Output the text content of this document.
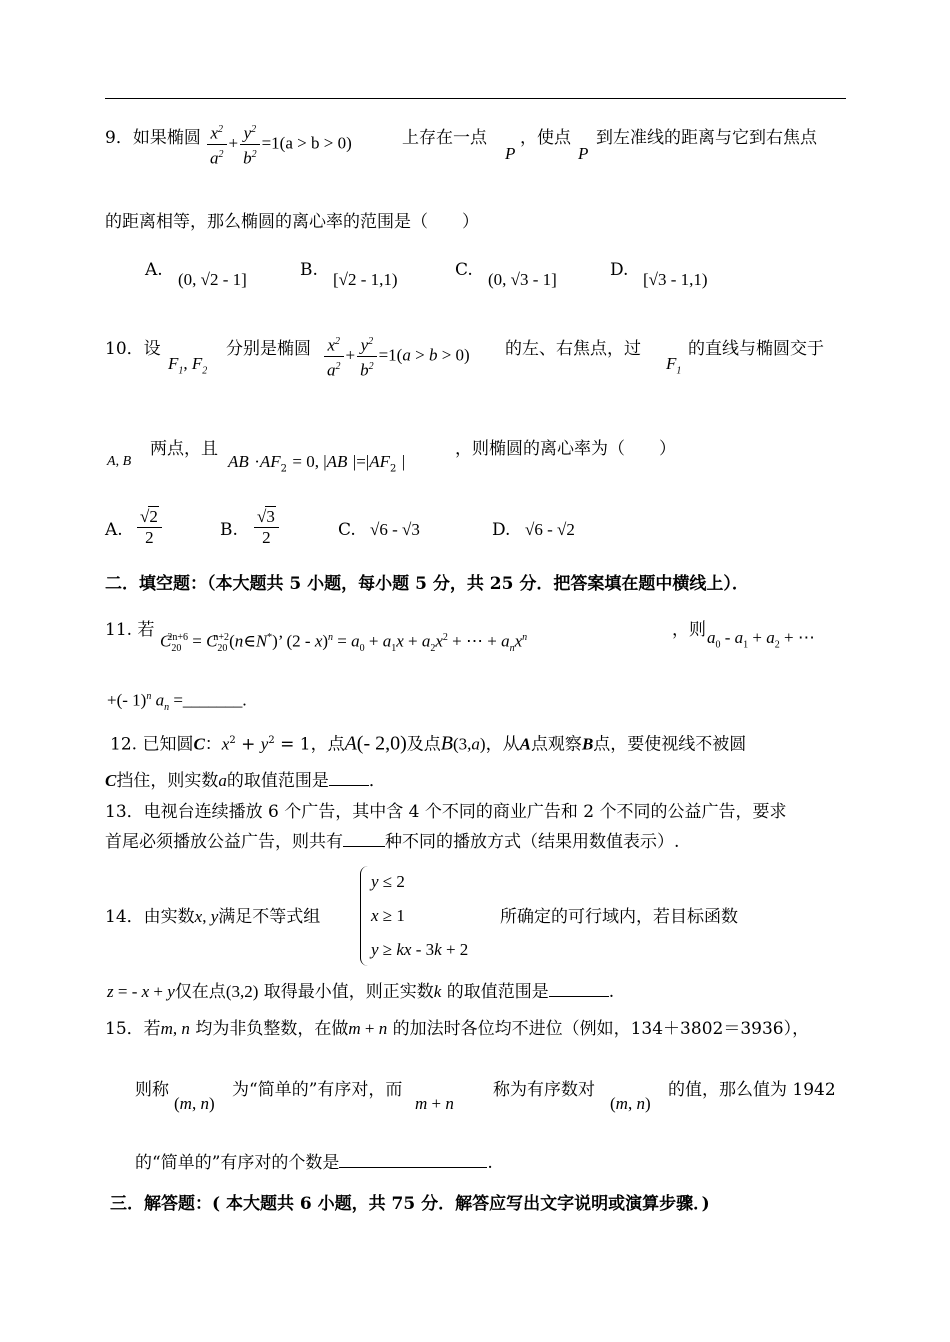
9．如果椭圆 $\frac{x^2}{a^2} + \frac{y^2}{b^2} =1(a > b > 0)$	上存在一点
P
，使点
P
到左准线的距离与它到右焦点
的距离相等，那么椭圆的离心率的范围是（　　）
A. (0, √2 - 1]	B. [√2 - 1,1)	C. (0, √3 - 1]	D. [√3 - 1,1)
10．设
$F_1$, $F_2$
分别是椭圆 $\frac{x^2}{a^2} + \frac{y^2}{b^2} =1(a > b > 0)$ 的左、右焦点，过
$F_1$
的直线与椭圆交于
A, B
两点，且
AB $\cdot AF_2 = 0$, |AB $|=|AF_2$ |
，则椭圆的离心率为（　　）
A. $\frac{√2}{2}$	B. $\frac{√3}{2}$	C. √6 - √3	D. √6 - √2
二．填空题：（本大题共 5 小题，每小题 5 分，共 25 分．把答案填在题中横线上）．
11. 若
$C_{20}^{2n+6}$ = $C_{20}^{n+2}(n\in N^*)$’ $(2 - x)^n = a_0 + a_1x + a_2x^2$ + ⋯ + $a_nx^n$	，则 $a_0 - a_1 + a_2$ + ⋯
+(- 1)$^n$ $a_n$ =_______.
12. 已知圆C：$x^2 + y^2 = 1$，点A(- 2,0)及点B(3,a)，从A点观察B点，要使视线不被圆
C挡住，则实数a的取值范围是 ．
13．电视台连续播放 6 个广告，其中含 4 个不同的商业广告和 2 个不同的公益广告，要求
首尾必须播放公益广告，则共有 种不同的播放方式（结果用数值表示）.
14．由实数x, y满足不等式组
y ≤ 2
x ≥ 1
y ≥ kx - 3k + 2
所确定的可行域内，若目标函数
z = - x + y仅在点(3,2) 取得最小值，则正实数k 的取值范围是	.
15．若m, n 均为非负整数，在做m + n 的加法时各位均不进位（例如，134＋3802＝3936），
则称
(m, n)
为“简单的”有序对，而
m + n
称为有序数对
(m, n)
的值，那么值为 1942
的“简单的”有序对的个数是	.
三．解答题：( 本大题共 6 小题，共 75 分．解答应写出文字说明或演算步骤．)
